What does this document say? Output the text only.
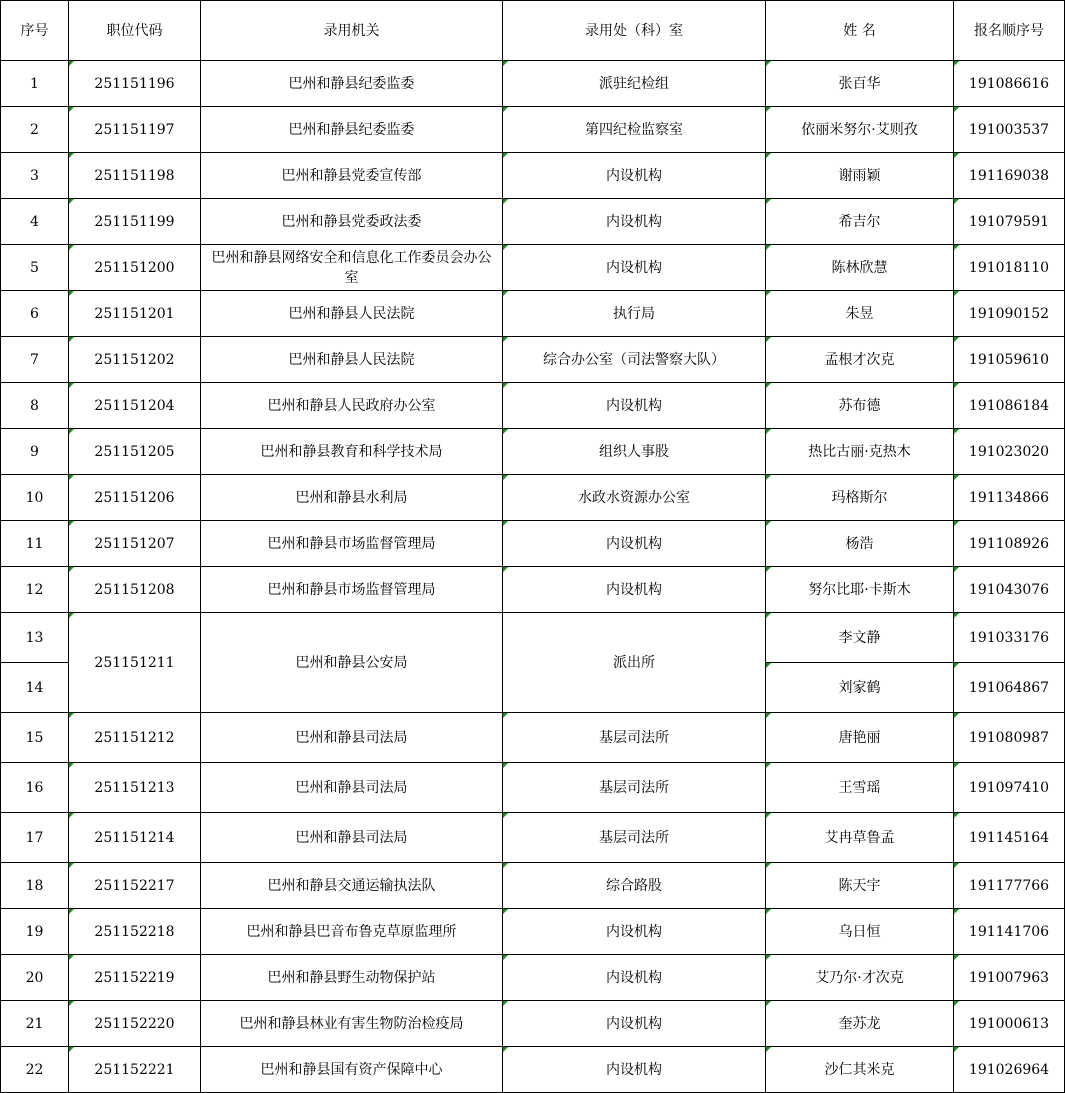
序号	职位代码	录用机关	录用处（科）室	姓 名	报名顺序号
1	251151196	巴州和静县纪委监委	派驻纪检组	张百华	191086616
2	251151197	巴州和静县纪委监委	第四纪检监察室	依丽米努尔·艾则孜	191003537
3	251151198	巴州和静县党委宣传部	内设机构	谢雨颖	191169038
4	251151199	巴州和静县党委政法委	内设机构	希吉尔	191079591
5	251151200	巴州和静县网络安全和信息化工作委员会办公室	内设机构	陈林欣慧	191018110
6	251151201	巴州和静县人民法院	执行局	朱昱	191090152
7	251151202	巴州和静县人民法院	综合办公室（司法警察大队）	孟根才次克	191059610
8	251151204	巴州和静县人民政府办公室	内设机构	苏布德	191086184
9	251151205	巴州和静县教育和科学技术局	组织人事股	热比古丽·克热木	191023020
10	251151206	巴州和静县水利局	水政水资源办公室	玛格斯尔	191134866
11	251151207	巴州和静县市场监督管理局	内设机构	杨浩	191108926
12	251151208	巴州和静县市场监督管理局	内设机构	努尔比耶·卡斯木	191043076
13	251151211	巴州和静县公安局	派出所	李文静	191033176
14				刘家鹤	191064867
15	251151212	巴州和静县司法局	基层司法所	唐艳丽	191080987
16	251151213	巴州和静县司法局	基层司法所	王雪瑶	191097410
17	251151214	巴州和静县司法局	基层司法所	艾冉草鲁孟	191145164
18	251152217	巴州和静县交通运输执法队	综合路股	陈天宇	191177766
19	251152218	巴州和静县巴音布鲁克草原监理所	内设机构	乌日恒	191141706
20	251152219	巴州和静县野生动物保护站	内设机构	艾乃尔·才次克	191007963
21	251152220	巴州和静县林业有害生物防治检疫局	内设机构	奎苏龙	191000613
22	251152221	巴州和静县国有资产保障中心	内设机构	沙仁其米克	191026964
